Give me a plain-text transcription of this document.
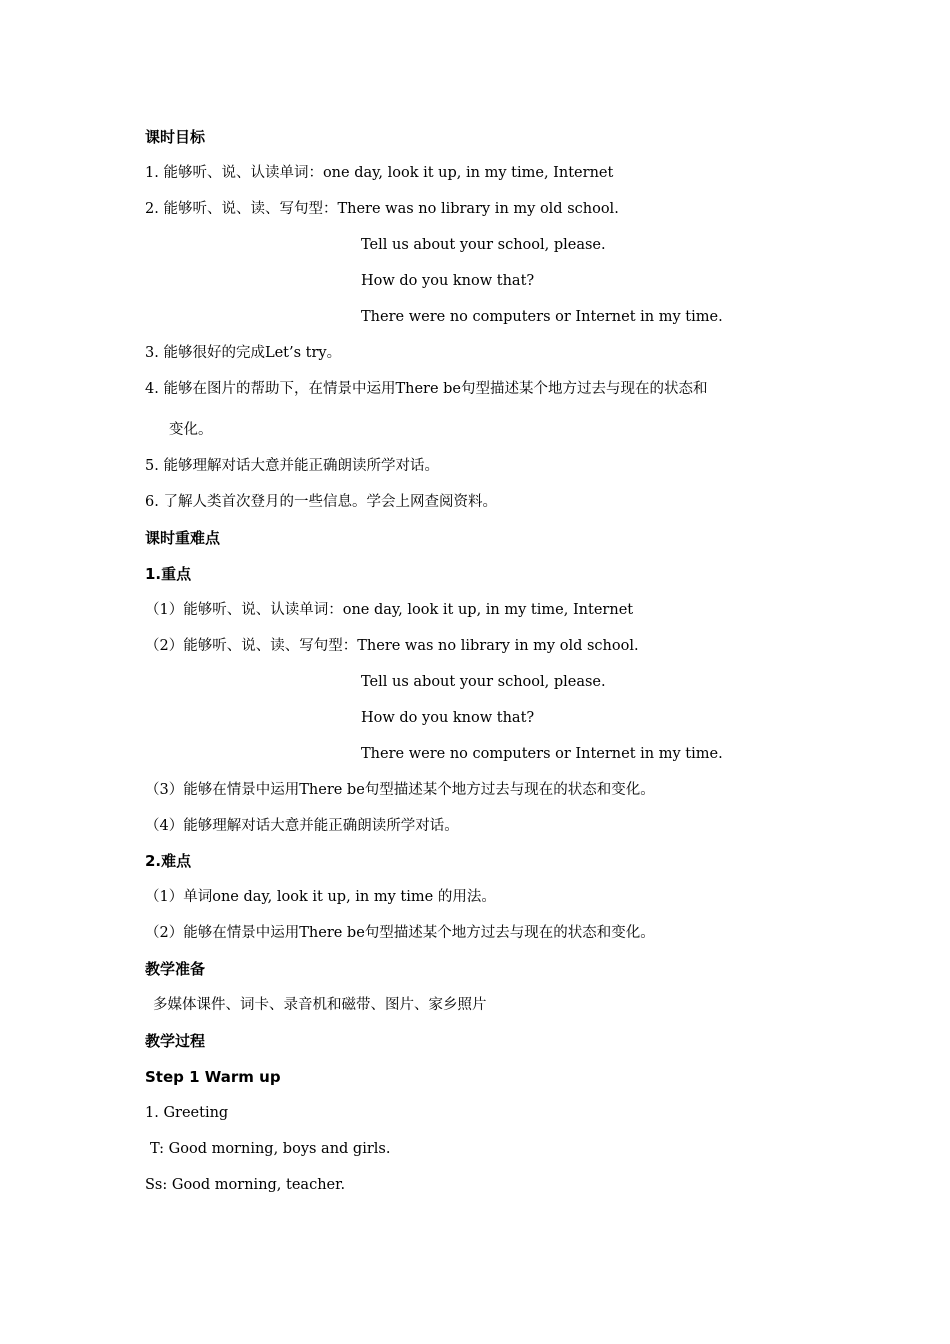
课时目标
1. 能够听、说、认读单词：one day, look it up, in my time, Internet
2. 能够听、说、读、写句型：There was no library in my old school.
Tell us about your school, please.
How do you know that?
There were no computers or Internet in my time.
3. 能够很好的完成Let’s try。
4. 能够在图片的帮助下，在情景中运用There be句型描述某个地方过去与现在的状态和
变化。
5. 能够理解对话大意并能正确朗读所学对话。
6. 了解人类首次登月的一些信息。学会上网查阅资料。
课时重难点
1.重点
（1）能够听、说、认读单词：one day, look it up, in my time, Internet
（2）能够听、说、读、写句型：There was no library in my old school.
Tell us about your school, please.
How do you know that?
There were no computers or Internet in my time.
（3）能够在情景中运用There be句型描述某个地方过去与现在的状态和变化。
（4）能够理解对话大意并能正确朗读所学对话。
2.难点
（1）单词one day, look it up, in my time 的用法。
（2）能够在情景中运用There be句型描述某个地方过去与现在的状态和变化。
教学准备
多媒体课件、词卡、录音机和磁带、图片、家乡照片
教学过程
Step 1 Warm up
1. Greeting
T: Good morning, boys and girls.
Ss: Good morning, teacher.
